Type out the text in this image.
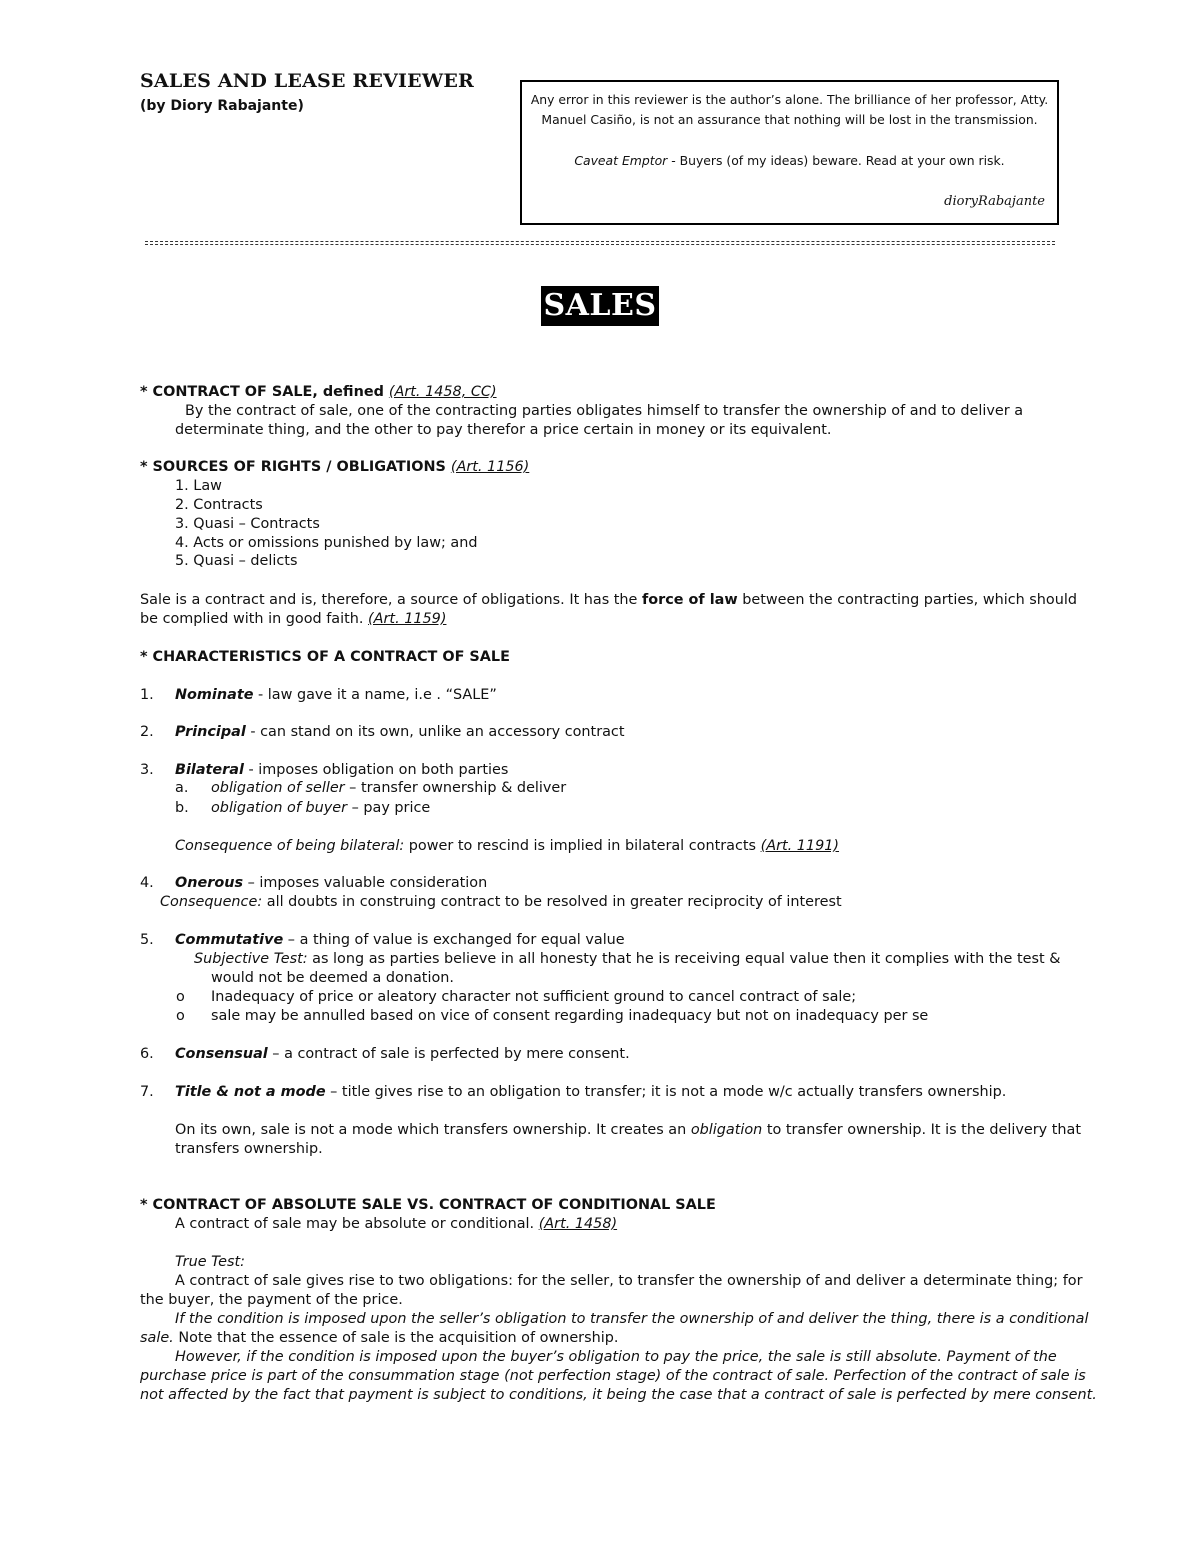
SALES AND LEASE REVIEWER
(by Diory Rabajante)	Any error in this reviewer is the author’s alone. The brilliance of her professor, Atty.
Manuel Casiño, is not an assurance that nothing will be lost in the transmission.
Caveat Emptor - Buyers (of my ideas) beware. Read at your own risk.
dioryRabajante
SALES
* CONTRACT OF SALE, defined (Art. 1458, CC)
By the contract of sale, one of the contracting parties obligates himself to transfer the ownership of and to deliver a
determinate thing, and the other to pay therefor a price certain in money or its equivalent.
* SOURCES OF RIGHTS / OBLIGATIONS (Art. 1156)
1. Law
2. Contracts
3. Quasi – Contracts
4. Acts or omissions punished by law; and
5. Quasi – delicts
Sale is a contract and is, therefore, a source of obligations. It has the force of law between the contracting parties, which should
be complied with in good faith. (Art. 1159)
* CHARACTERISTICS OF A CONTRACT OF SALE
1. Nominate - law gave it a name, i.e . “SALE”
2. Principal - can stand on its own, unlike an accessory contract
3. Bilateral - imposes obligation on both parties
a. obligation of seller – transfer ownership & deliver
b. obligation of buyer – pay price
Consequence of being bilateral: power to rescind is implied in bilateral contracts (Art. 1191)
4. Onerous – imposes valuable consideration
Consequence: all doubts in construing contract to be resolved in greater reciprocity of interest
5. Commutative – a thing of value is exchanged for equal value
Subjective Test: as long as parties believe in all honesty that he is receiving equal value then it complies with the test &
would not be deemed a donation.
o Inadequacy of price or aleatory character not sufficient ground to cancel contract of sale;
o sale may be annulled based on vice of consent regarding inadequacy but not on inadequacy per se
6. Consensual – a contract of sale is perfected by mere consent.
7. Title & not a mode – title gives rise to an obligation to transfer; it is not a mode w/c actually transfers ownership.
On its own, sale is not a mode which transfers ownership. It creates an obligation to transfer ownership. It is the delivery that
transfers ownership.
* CONTRACT OF ABSOLUTE SALE VS. CONTRACT OF CONDITIONAL SALE
A contract of sale may be absolute or conditional. (Art. 1458)
True Test:
A contract of sale gives rise to two obligations: for the seller, to transfer the ownership of and deliver a determinate thing; for
the buyer, the payment of the price.
If the condition is imposed upon the seller’s obligation to transfer the ownership of and deliver the thing, there is a conditional
sale. Note that the essence of sale is the acquisition of ownership.
However, if the condition is imposed upon the buyer’s obligation to pay the price, the sale is still absolute. Payment of the
purchase price is part of the consummation stage (not perfection stage) of the contract of sale. Perfection of the contract of sale is
not affected by the fact that payment is subject to conditions, it being the case that a contract of sale is perfected by mere consent.
